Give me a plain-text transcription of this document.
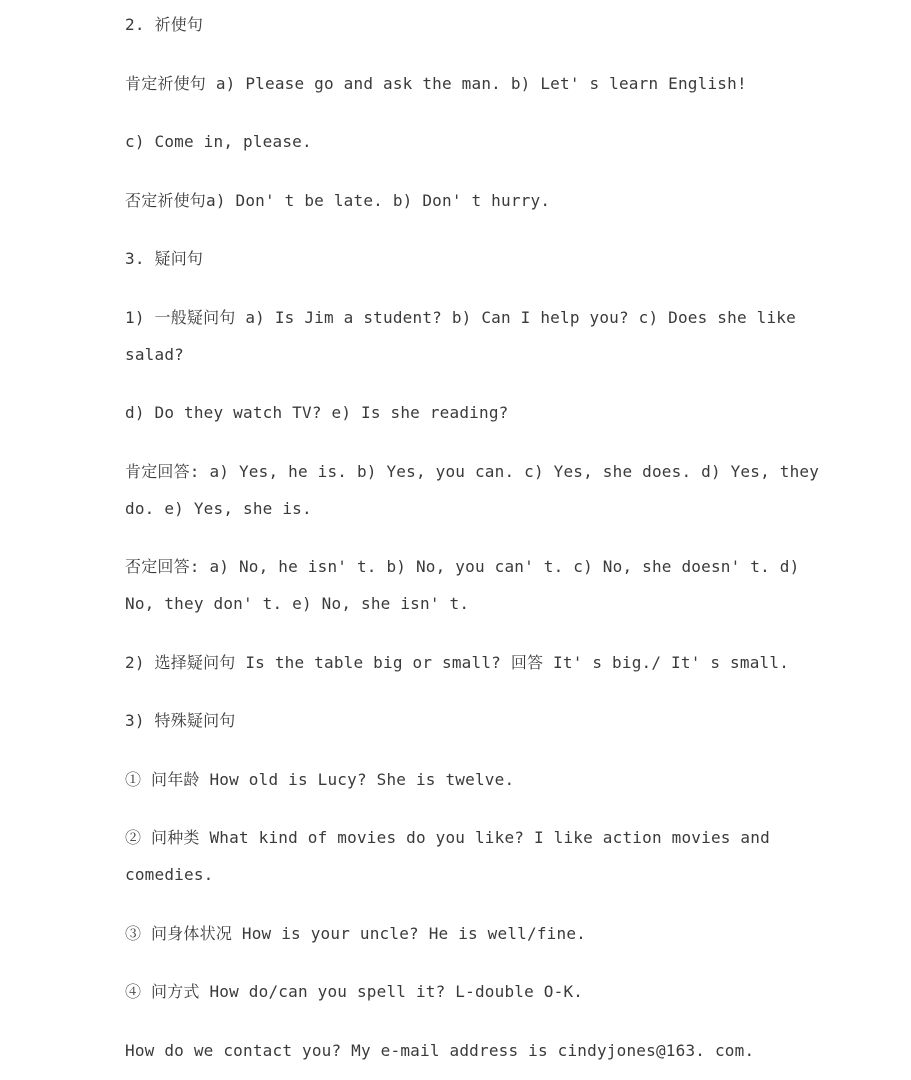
2. 祈使句

肯定祈使句 a) Please go and ask the man. b) Let' s learn English!

c) Come in, please.

否定祈使句a) Don' t be late. b) Don' t hurry.

3. 疑问句

1) 一般疑问句 a) Is Jim a student? b) Can I help you? c) Does she like
salad?

d) Do they watch TV? e) Is she reading?

肯定回答: a) Yes, he is. b) Yes, you can. c) Yes, she does. d) Yes, they
do. e) Yes, she is.

否定回答: a) No, he isn' t. b) No, you can' t. c) No, she doesn' t. d)
No, they don' t. e) No, she isn' t.

2) 选择疑问句 Is the table big or small? 回答 It' s big./ It' s small.

3) 特殊疑问句

① 问年龄 How old is Lucy? She is twelve.

② 问种类 What kind of movies do you like? I like action movies and
comedies.

③ 问身体状况 How is your uncle? He is well/fine.

④ 问方式 How do/can you spell it? L-double O-K.

How do we contact you? My e-mail address is cindyjones@163. com.
